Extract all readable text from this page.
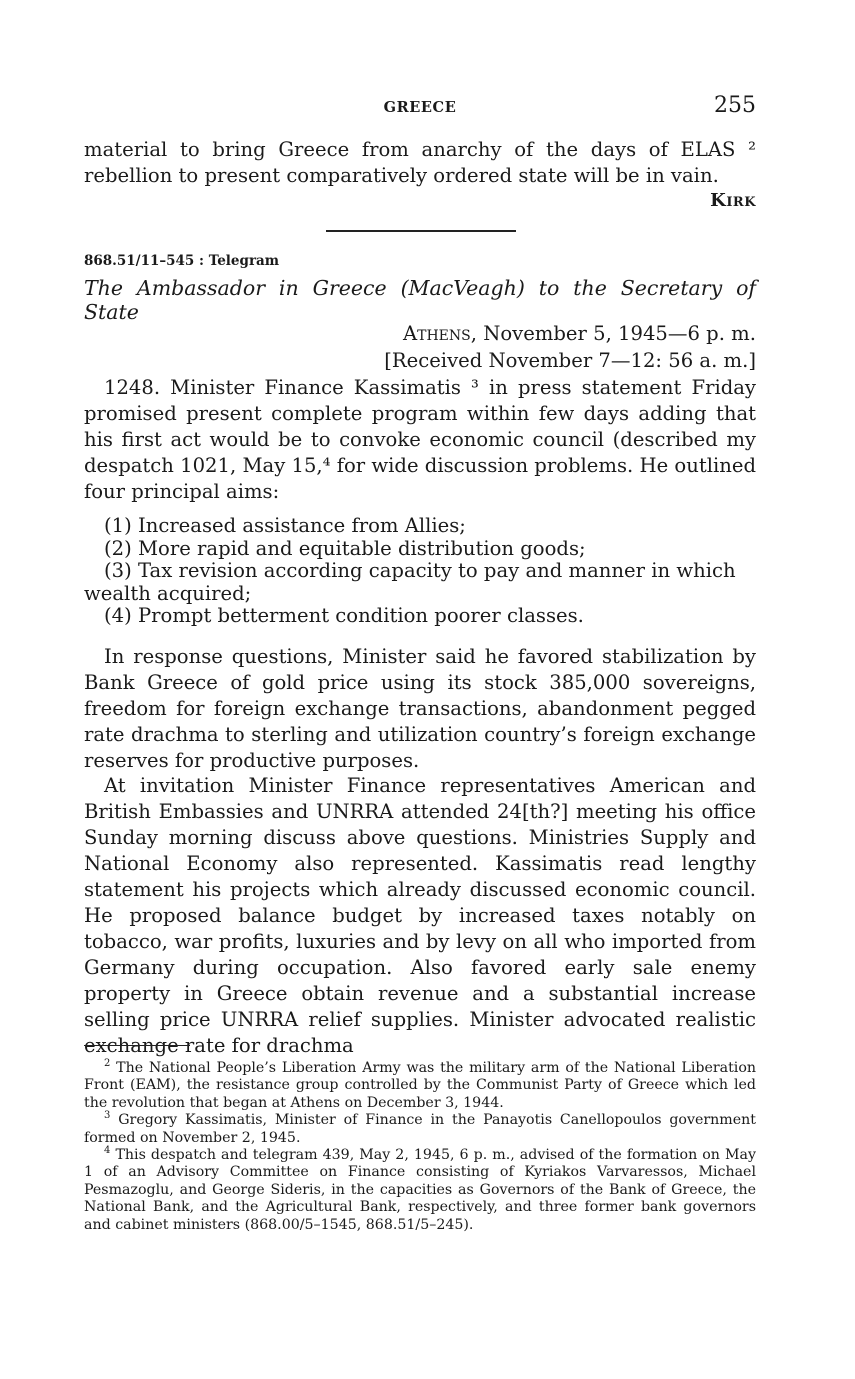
GREECE	255

material to bring Greece from anarchy of the days of ELAS ² rebellion to present comparatively ordered state will be in vain.

Kirk
868.51/11–545 : Telegram
The Ambassador in Greece (MacVeagh) to the Secretary of State
Athens, November 5, 1945—6 p. m.
[Received November 7—12: 56 a. m.]

1248. Minister Finance Kassimatis ³ in press statement Friday promised present complete program within few days adding that his first act would be to convoke economic council (described my despatch 1021, May 15,⁴ for wide discussion problems. He outlined four principal aims:

(1) Increased assistance from Allies;
(2) More rapid and equitable distribution goods;
(3) Tax revision according capacity to pay and manner in which wealth acquired;
(4) Prompt betterment condition poorer classes.

In response questions, Minister said he favored stabilization by Bank Greece of gold price using its stock 385,000 sovereigns, freedom for foreign exchange transactions, abandonment pegged rate drachma to sterling and utilization country’s foreign exchange reserves for productive purposes.

At invitation Minister Finance representatives American and British Embassies and UNRRA attended 24[th?] meeting his office Sunday morning discuss above questions. Ministries Supply and National Economy also represented. Kassimatis read lengthy statement his projects which already discussed economic council. He proposed balance budget by increased taxes notably on tobacco, war profits, luxuries and by levy on all who imported from Germany during occupation. Also favored early sale enemy property in Greece obtain revenue and a substantial increase selling price UNRRA relief supplies. Minister advocated realistic exchange rate for drachma

$^2$ The National People’s Liberation Army was the military arm of the National Liberation Front (EAM), the resistance group controlled by the Communist Party of Greece which led the revolution that began at Athens on December 3, 1944.

$^3$ Gregory Kassimatis, Minister of Finance in the Panayotis Canellopoulos government formed on November 2, 1945.

$^4$ This despatch and telegram 439, May 2, 1945, 6 p. m., advised of the formation on May 1 of an Advisory Committee on Finance consisting of Kyriakos Varvaressos, Michael Pesmazoglu, and George Sideris, in the capacities as Governors of the Bank of Greece, the National Bank, and the Agricultural Bank, respectively, and three former bank governors and cabinet ministers (868.00/5–1545, 868.51/5–245).
